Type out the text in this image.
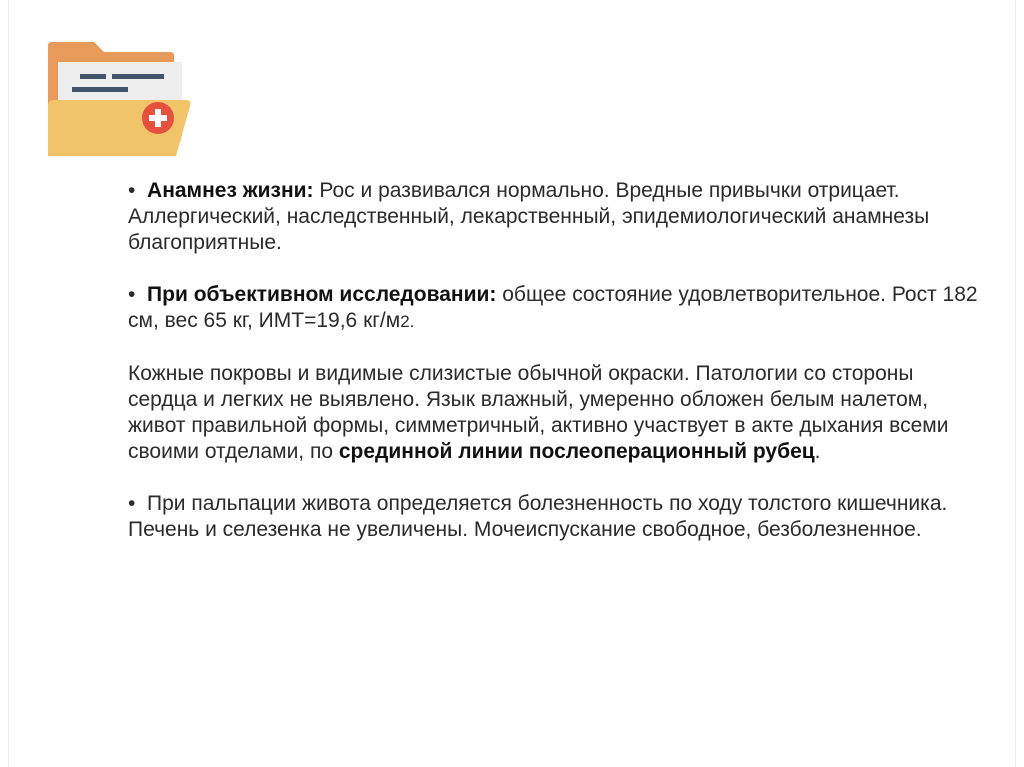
• Анамнез жизни: Рос и развивался нормально. Вредные привычки отрицает. Аллергический, наследственный, лекарственный, эпидемиологический анамнезы благоприятные.

• При объективном исследовании: общее состояние удовлетворительное. Рост 182 см, вес 65 кг, ИМТ=19,6 кг/м2.

Кожные покровы и видимые слизистые обычной окраски. Патологии со стороны сердца и легких не выявлено. Язык влажный, умеренно обложен белым налетом, живот правильной формы, симметричный, активно участвует в акте дыхания всеми своими отделами, по срединной линии послеоперационный рубец.

• При пальпации живота определяется болезненность по ходу толстого кишечника. Печень и селезенка не увеличены. Мочеиспускание свободное, безболезненное.
